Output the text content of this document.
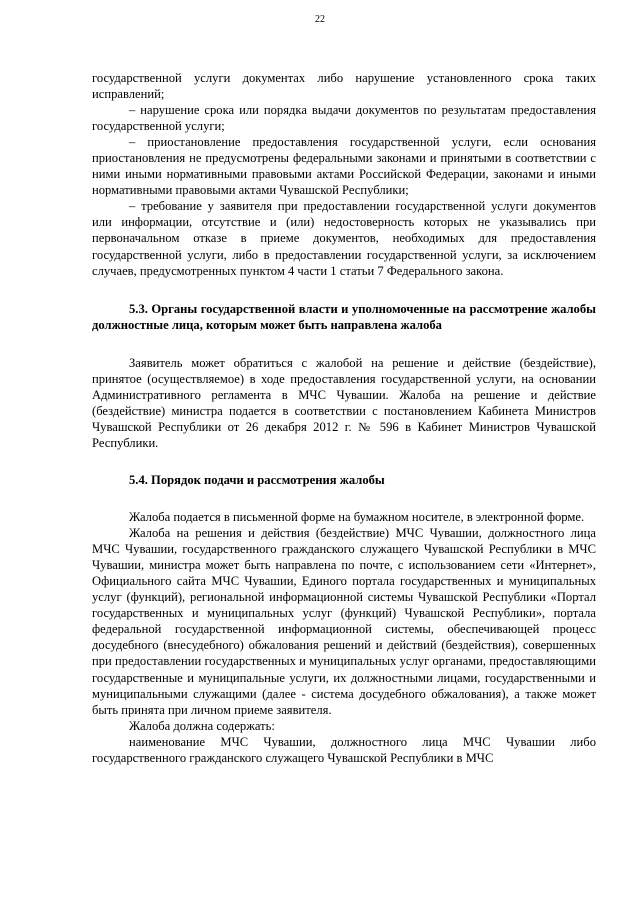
22

государственной услуги документах либо нарушение установленного срока таких исправлений;

– нарушение срока или порядка выдачи документов по результатам предоставления государственной услуги;

– приостановление предоставления государственной услуги, если основания приостановления не предусмотрены федеральными законами и принятыми в соответствии с ними иными нормативными правовыми актами Российской Федерации, законами и иными нормативными правовыми актами Чувашской Республики;

– требование у заявителя при предоставлении государственной услуги документов или информации, отсутствие и (или) недостоверность которых не указывались при первоначальном отказе в приеме документов, необходимых для предоставления государственной услуги, либо в предоставлении государственной услуги, за исключением случаев, предусмотренных пунктом 4 части 1 статьи 7 Федерального закона.

5.3. Органы государственной власти и уполномоченные на рассмотрение жалобы должностные лица, которым может быть направлена жалоба

Заявитель может обратиться с жалобой на решение и действие (бездействие), принятое (осуществляемое) в ходе предоставления государственной услуги, на основании Административного регламента в МЧС Чувашии. Жалоба на решение и действие (бездействие) министра подается в соответствии с постановлением Кабинета Министров Чувашской Республики от 26 декабря 2012 г. № 596 в Кабинет Министров Чувашской Республики.

5.4. Порядок подачи и рассмотрения жалобы

Жалоба подается в письменной форме на бумажном носителе, в электронной форме.

Жалоба на решения и действия (бездействие) МЧС Чувашии, должностного лица МЧС Чувашии, государственного гражданского служащего Чувашской Республики в МЧС Чувашии, министра может быть направлена по почте, с использованием сети «Интернет», Официального сайта МЧС Чувашии, Единого портала государственных и муниципальных услуг (функций), региональной информационной системы Чувашской Республики «Портал государственных и муниципальных услуг (функций) Чувашской Республики», портала федеральной государственной информационной системы, обеспечивающей процесс досудебного (внесудебного) обжалования решений и действий (бездействия), совершенных при предоставлении государственных и муниципальных услуг органами, предоставляющими государственные и муниципальные услуги, их должностными лицами, государственными и муниципальными служащими (далее - система досудебного обжалования), а также может быть принята при личном приеме заявителя.

Жалоба должна содержать:

наименование МЧС Чувашии, должностного лица МЧС Чувашии либо государственного гражданского служащего Чувашской Республики в МЧС
